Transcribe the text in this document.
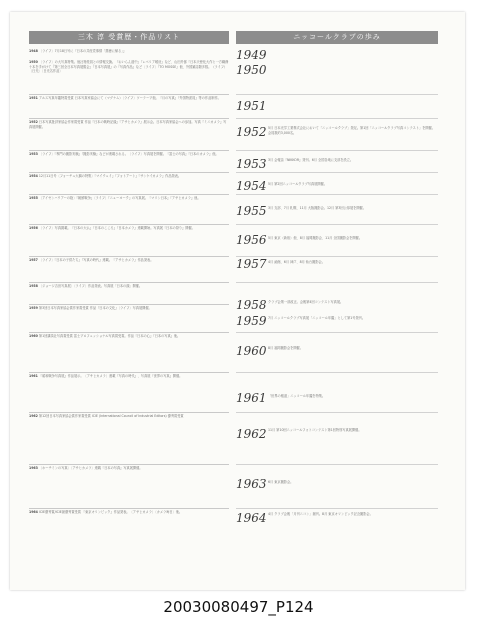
三木 淳 受賞歴・作品リスト	ニッコールクラブの歩み
1948 〔ライフ〕7月18日号に『日本の共産党事情「悪徳に帰る」』
1950 〔ライフ〕の大写真特集。他社特派員との情報交換。『おいらん道中』『レベリア暖房』など、山田外郎『日本天使化大作と一方職務十本を手がけて『第三回全日本写真展覧会』『日本写真展』の『写真作品』など〔ライフ〕『TO MOSSE』他、外国雑誌類多数。（ライフ）〔日光〕〔日光名作品〕
1951 アルス写真年鑑特賞受賞 日本写真家協会にて（マグナム）〔ライフ〕ツーテープ他。『月の写真』『外国特派員』等の作品制作。
1952 日本写真批評家協会作家賞受賞 作品『日本の戦時記録』『アサヒカメラ』展示会。日本写真家協会への参加。写真『ミニカメラ』写真展開催。
1953 〔ライフ〕『専門の撮影実験』『撮影実験』などが連載される。〔ライフ〕写真展を開催。『富士の写真』『日本のカメラ』他。
1954 12月11日号〔フォーチュ大橋の特集〕『マイウェイ』『フォトアート』『サンケイカメラ』作品発表。
1955 〔アイゼンハウアーの陰〕『朝鮮戦争』〔ライフ〕『ニューヨーク』の写真展。『マリン日本』『アサヒカメラ』他。
1956 〔ライフ〕写真掲載。『日本の大仏』『日本のこころ』『日本カメラ』連載開始。写真展『日本の祭り』開催。
1957 〔ライフ〕『日本の子供たち』『写真の時代』連載。『アサヒカメラ』作品発表。
1958 〔ジョージ吉田写真展〕〔ライフ〕作品発表。写真展「日本の顔」開催。
1959 第3回日本写真家協会賞作家賞受賞 作品『日本の文化』〔ライフ〕写真展開催。
1960 第1回講談社写真賞受賞 富士プロフェッショナル写真賞受賞。作品『日本の心』『日本の写真』他。
1961 『昭和戦争写真展』作品展示。〔アサヒカメラ〕連載『写真の時代』、写真展『世界の写真』開催。
1962 第12回日本写真家協会賞作家賞受賞 ICIE (International Council of Industrial Editors) 優秀賞受賞
1963 〔ホーチミンの写真〕〔アサヒカメラ〕連載『日本の写真』写真展開催。
1964 ICIE優秀賞/ICIE最優秀賞受賞 『東京オリンピック』作品発表。〔アサヒカメラ〕〔カメラ毎日〕他。
1949
1950
1951
1952 5月 日本光学工業株式会社において「ニッコールクラブ」発足。第1回「ニッコールクラブ写真コンテスト」を開催。会員数約3,000名。
1953 3月 会報誌『NIKKOR』発刊。6月 全国各地に支部を設立。
1954 5月 第2回ニッコールクラブ写真展開催。
1955 3月 支部、7月 札幌、11月 大阪撮影会。12月 第3回公募展を開催。
1956 5月 東京（新宿）他、8月 福岡撮影会、11月 全国撮影会を開催。
1957 4月 函館、6月 神戸、8月 仙台撮影会。
1958 クラブ会則一部改正。会報第4回コンテスト写真展。
1959 7月 ニッコールクラブ写真展「ニッコール年鑑」として第1号発刊。
1960 8月 福岡撮影会を開催。
1961 「世界の報道」ニッコール年鑑を特集。
1962 11月 第10回ニッコールフォトコンテスト第1回特別写真展開催。
1963 6月 東京撮影会。
1964 4月 クラブ会報「月刊ニコン」創刊。8月 東京オリンピック記念撮影会。
20030080497_P124
